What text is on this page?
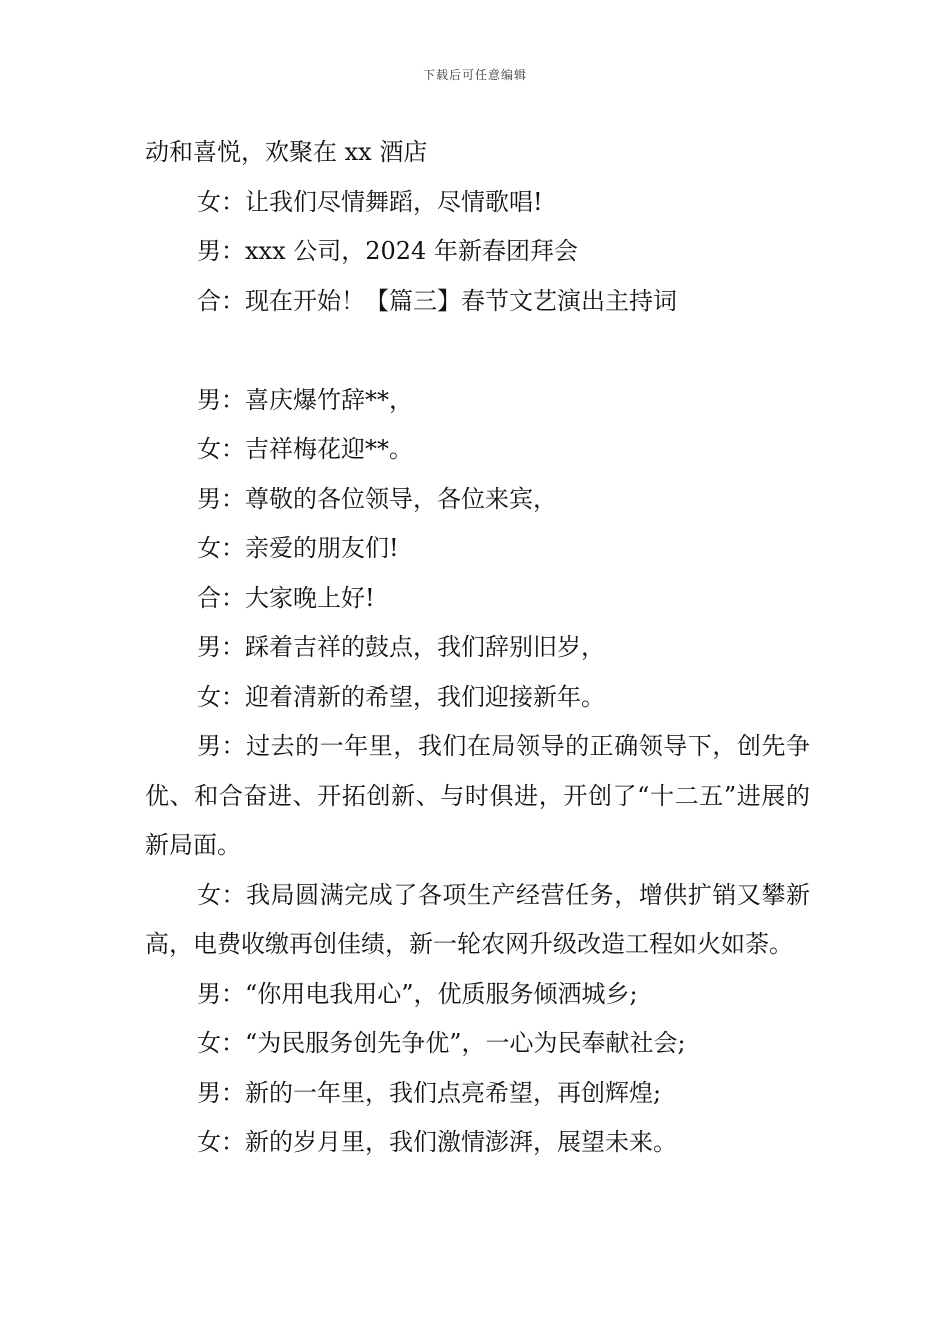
下载后可任意编辑

动和喜悦，欢聚在 xx 酒店

女：让我们尽情舞蹈，尽情歌唱!

男：xxx 公司，2024 年新春团拜会

合：现在开始！【篇三】春节文艺演出主持词

男：喜庆爆竹辞**，

女：吉祥梅花迎**。

男：尊敬的各位领导，各位来宾，

女：亲爱的朋友们!

合：大家晚上好!

男：踩着吉祥的鼓点，我们辞别旧岁，

女：迎着清新的希望，我们迎接新年。

男：过去的一年里，我们在局领导的正确领导下，创先争优、和合奋进、开拓创新、与时俱进，开创了“十二五”进展的新局面。

女：我局圆满完成了各项生产经营任务，增供扩销又攀新高，电费收缴再创佳绩，新一轮农网升级改造工程如火如荼。

男：“你用电我用心”，优质服务倾洒城乡;

女：“为民服务创先争优”，一心为民奉献社会;

男：新的一年里，我们点亮希望，再创辉煌;

女：新的岁月里，我们激情澎湃，展望未来。
